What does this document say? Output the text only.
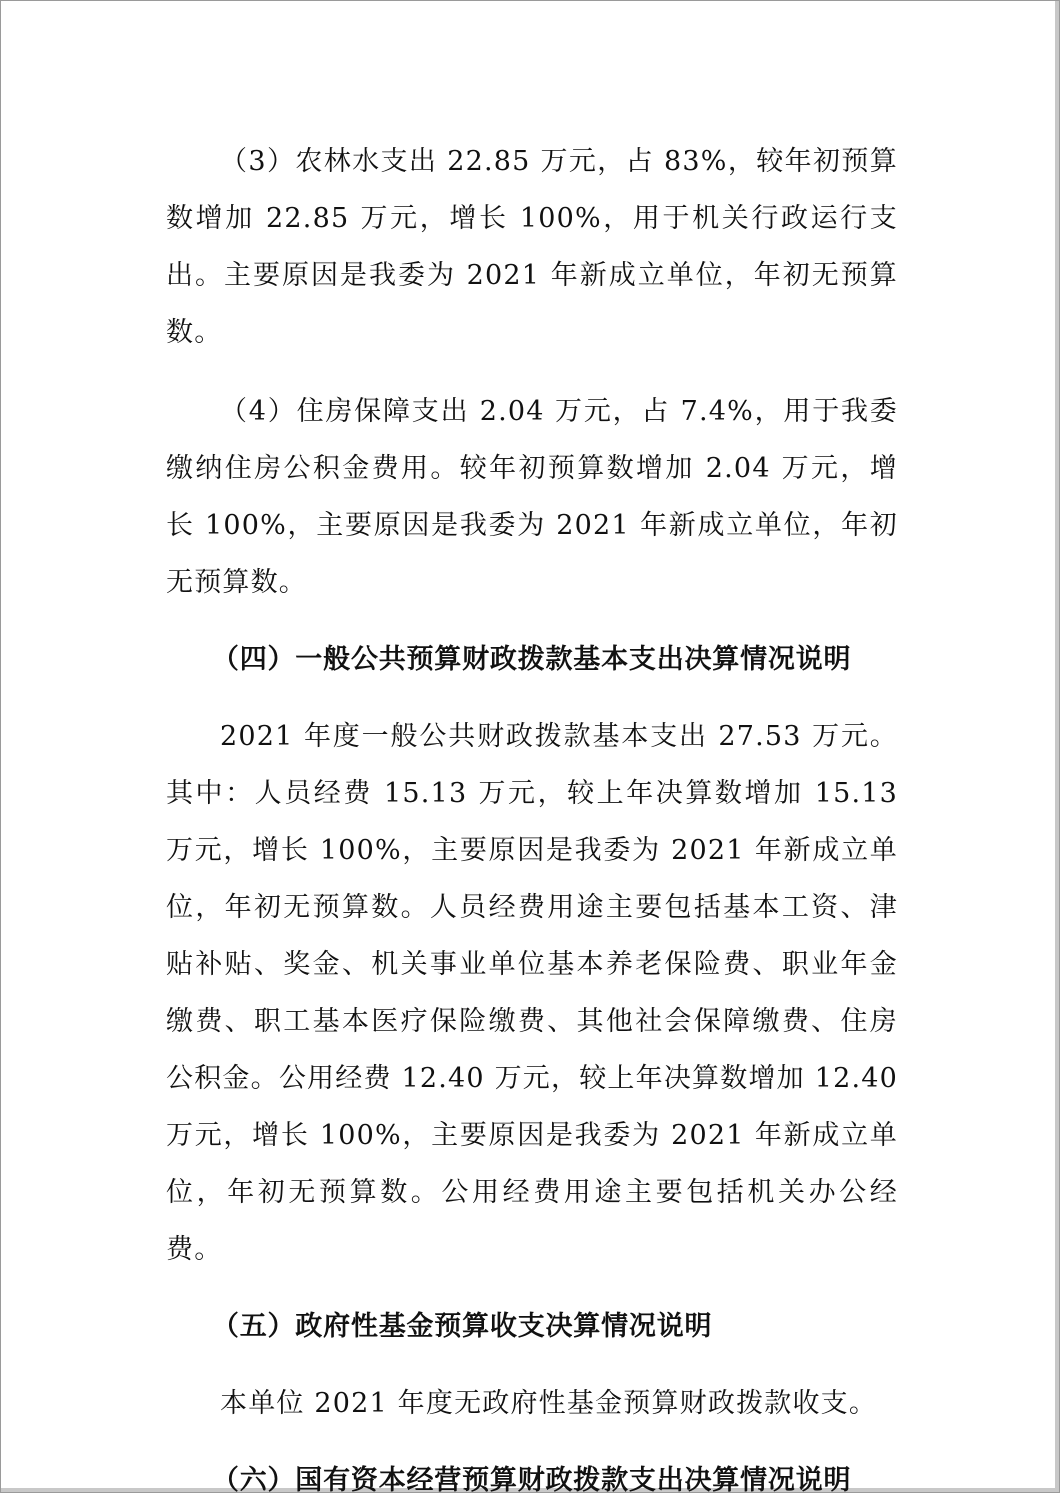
（3）农林水支出 22.85 万元，占 83%，较年初预算数增加 22.85 万元，增长 100%，用于机关行政运行支出。主要原因是我委为 2021 年新成立单位，年初无预算数。

（4）住房保障支出 2.04 万元，占 7.4%，用于我委缴纳住房公积金费用。较年初预算数增加 2.04 万元，增长 100%，主要原因是我委为 2021 年新成立单位，年初无预算数。

（四）一般公共预算财政拨款基本支出决算情况说明

2021 年度一般公共财政拨款基本支出 27.53 万元。其中：人员经费 15.13 万元，较上年决算数增加 15.13 万元，增长 100%，主要原因是我委为 2021 年新成立单位，年初无预算数。人员经费用途主要包括基本工资、津贴补贴、奖金、机关事业单位基本养老保险费、职业年金缴费、职工基本医疗保险缴费、其他社会保障缴费、住房公积金。公用经费 12.40 万元，较上年决算数增加 12.40 万元，增长 100%，主要原因是我委为 2021 年新成立单位，年初无预算数。公用经费用途主要包括机关办公经费。

（五）政府性基金预算收支决算情况说明

本单位 2021 年度无政府性基金预算财政拨款收支。

（六）国有资本经营预算财政拨款支出决算情况说明
